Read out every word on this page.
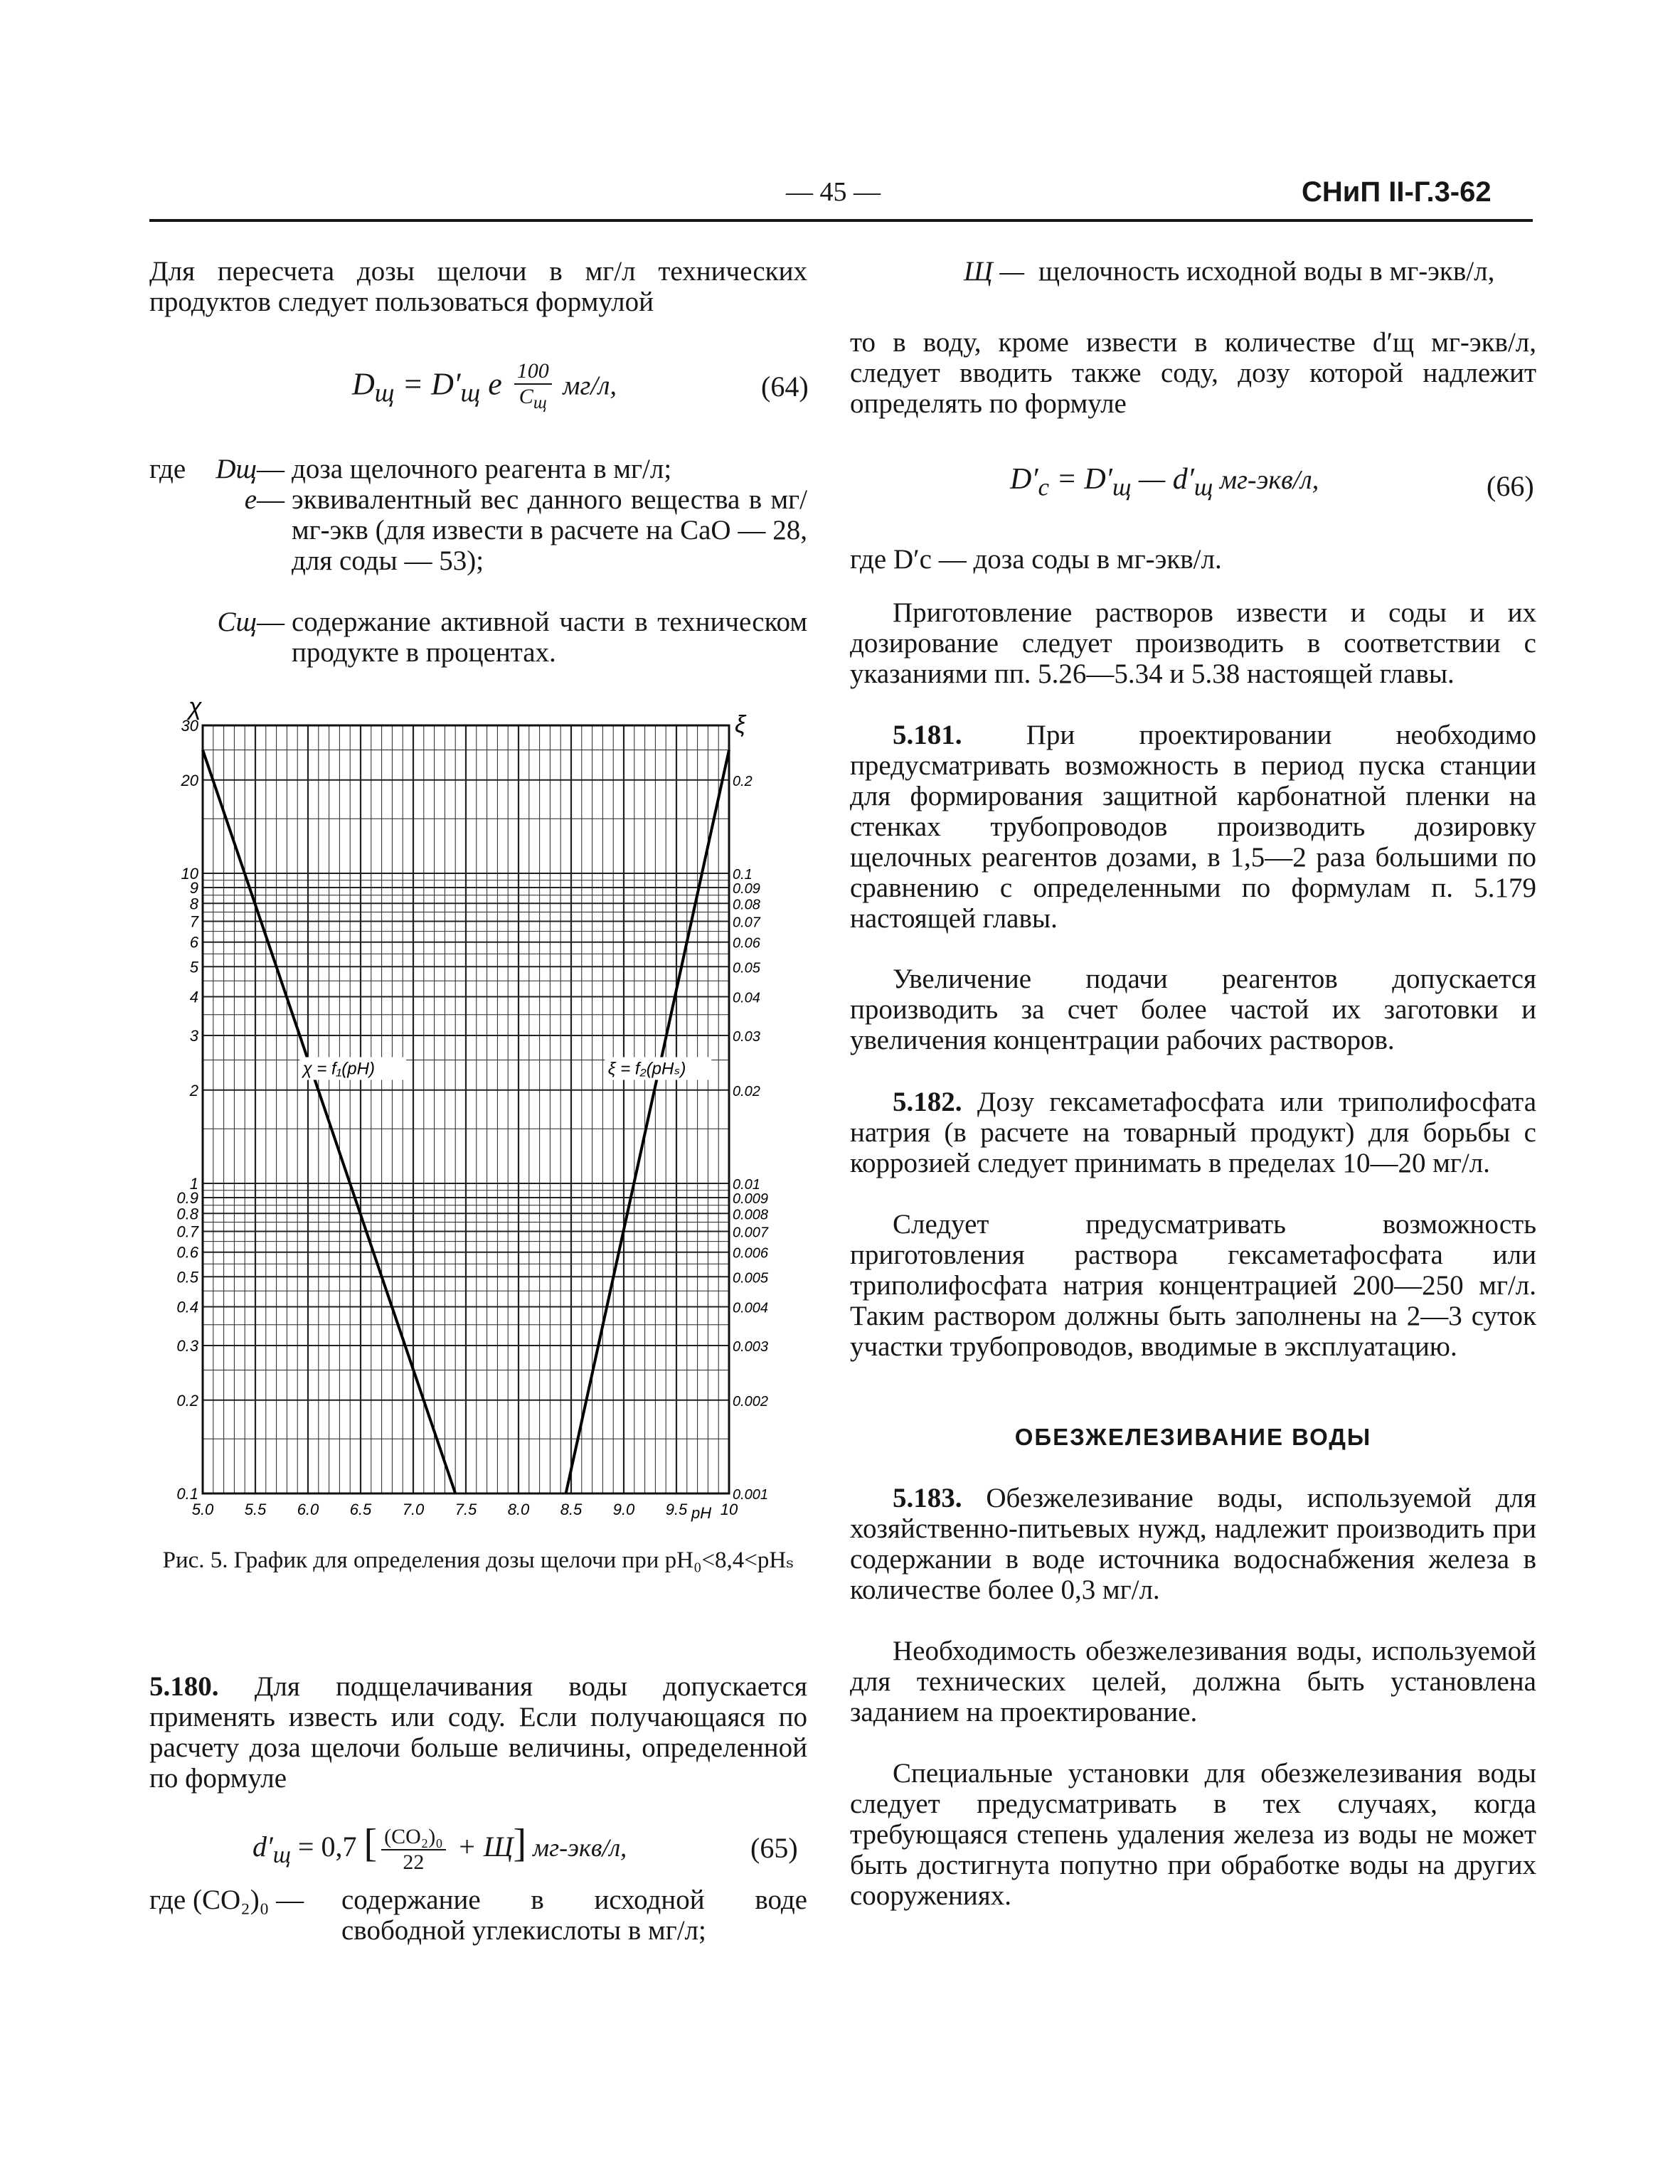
— 45 —	СНиП II-Г.3-62
Для пересчета дозы щелочи в мг/л технических продуктов следует пользоваться формулой
$D_щ = D'_щ$ e $\frac{100}{C_щ} мг/л$,	(64)
где	Dщ— доза щелочного реагента в мг/л;
e— эквивалентный вес данного вещества в мг/мг-экв (для извести в расчете на CaO — 28, для соды — 53);
Cщ— содержание активной части в техническом продукте в процентах.
χ
ξ
5.0 5.5 6.0 6.5 7.0 7.5 8.0 8.5 9.0 9.5 10
30
20
10
9
8
7
6
5
4
3
2
1
0.9
0.8
0.7
0.6
0.5
0.4
0.3
0.2
0.1
0.2
0.1
0.09
0.08
0.07
0.06
0.05
0.04
0.03
0.02
0.01
0.009
0.008
0.007
0.006
0.005
0.004
0.003
0.002
0.001
χ = f₁(pH)	ξ = f₂(pHₛ)
pH
Рис. 5. График для определения дозы щелочи при pH₀<8,4<pHₛ
5.180. Для подщелачивания воды допускается применять известь или соду. Если получающаяся по расчету доза щелочи больше величины, определенной по формуле
$d'_щ = 0,7$ [ $\frac{\text{(CO₂)₀}}{22} + Щ$] мг-экв/л,	(65)
где (CO₂)₀ — содержание в исходной воде свободной углекислоты в мг/л;
Щ — щелочность исходной воды в мг-экв/л,
то в воду, кроме извести в количестве d′щ мг-экв/л, следует вводить также соду, дозу которой надлежит определять по формуле
$D'_с = D'_щ$ — $d'_щ$ мг-экв/л,	(66)
где D′с — доза соды в мг-экв/л.
Приготовление растворов извести и соды и их дозирование следует производить в соответствии с указаниями пп. 5.26—5.34 и 5.38 настоящей главы.
5.181. При проектировании необходимо предусматривать возможность в период пуска станции для формирования защитной карбонатной пленки на стенках трубопроводов производить дозировку щелочных реагентов дозами, в 1,5—2 раза большими по сравнению с определенными по формулам п. 5.179 настоящей главы.
Увеличение подачи реагентов допускается производить за счет более частой их заготовки и увеличения концентрации рабочих растворов.
5.182. Дозу гексаметафосфата или триполифосфата натрия (в расчете на товарный продукт) для борьбы с коррозией следует принимать в пределах 10—20 мг/л.
Следует предусматривать возможность приготовления раствора гексаметафосфата или триполифосфата натрия концентрацией 200—250 мг/л. Таким раствором должны быть заполнены на 2—3 суток участки трубопроводов, вводимые в эксплуатацию.
ОБЕЗЖЕЛЕЗИВАНИЕ ВОДЫ
5.183. Обезжелезивание воды, используемой для хозяйственно-питьевых нужд, надлежит производить при содержании в воде источника водоснабжения железа в количестве более 0,3 мг/л.
Необходимость обезжелезивания воды, используемой для технических целей, должна быть установлена заданием на проектирование.
Специальные установки для обезжелезивания воды следует предусматривать в тех случаях, когда требующаяся степень удаления железа из воды не может быть достигнута попутно при обработке воды на других сооружениях.
